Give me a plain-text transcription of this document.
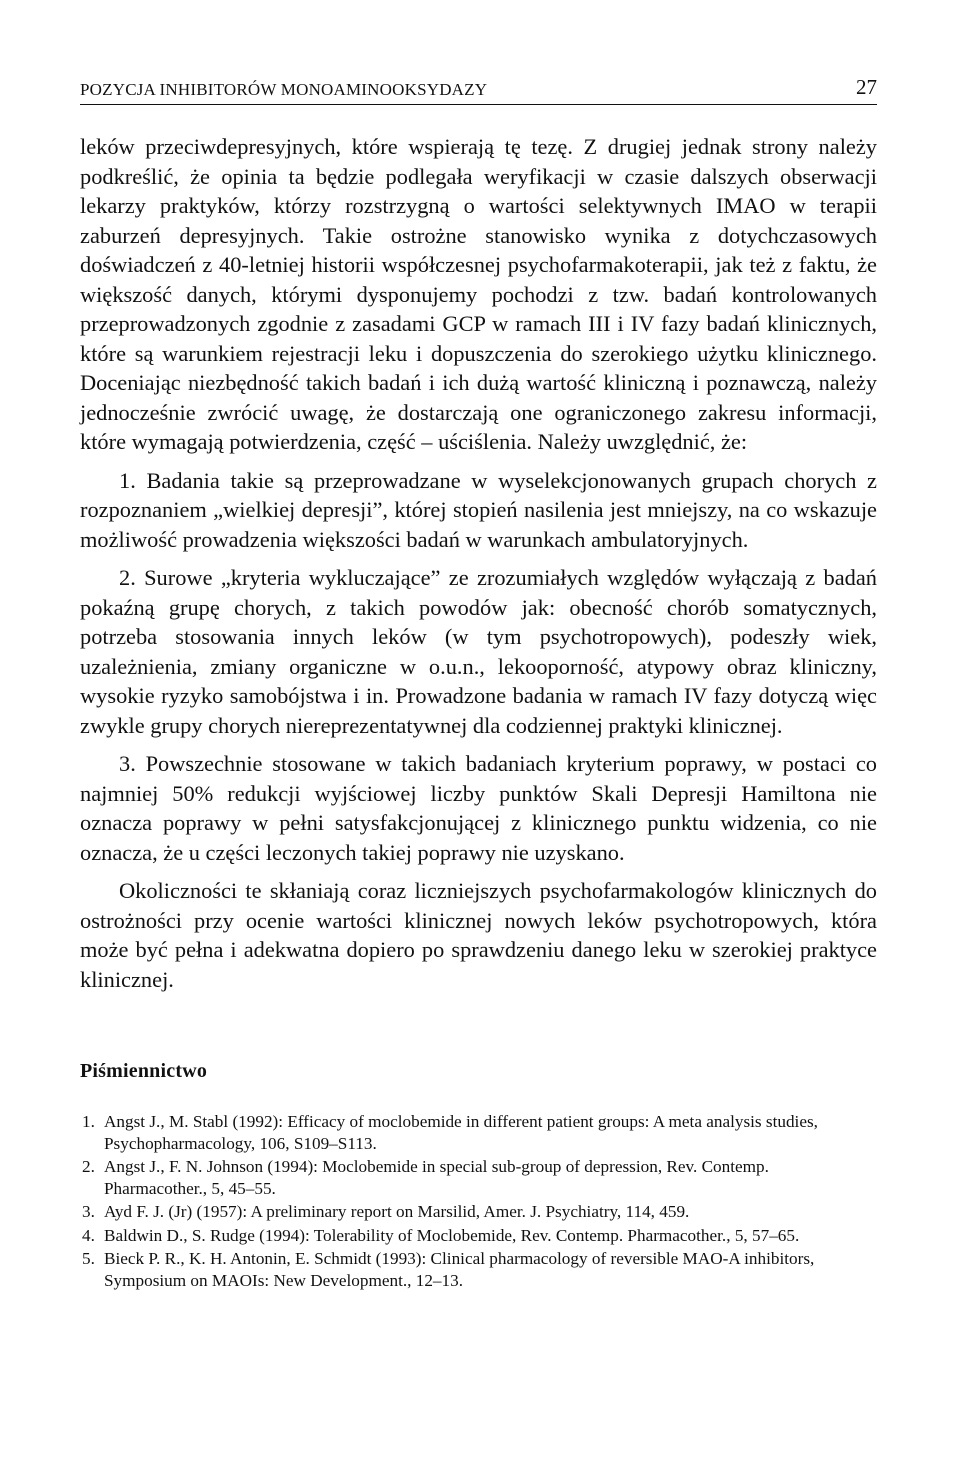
POZYCJA INHIBITORÓW MONOAMINOOKSYDAZY	27

leków przeciwdepresyjnych, które wspierają tę tezę. Z drugiej jednak strony należy podkreślić, że opinia ta będzie podlegała weryfikacji w czasie dalszych obserwacji lekarzy praktyków, którzy rozstrzygną o wartości selektywnych IMAO w terapii zaburzeń depresyjnych. Takie ostrożne stanowisko wynika z dotychczasowych doświadczeń z 40-letniej historii współczesnej psychofarmakoterapii, jak też z faktu, że większość danych, którymi dysponujemy pochodzi z tzw. badań kontrolowanych przeprowadzonych zgodnie z zasadami GCP w ramach III i IV fazy badań klinicznych, które są warunkiem rejestracji leku i dopuszczenia do szerokiego użytku klinicznego. Doceniając niezbędność takich badań i ich dużą wartość kliniczną i poznawczą, należy jednocześnie zwrócić uwagę, że dostarczają one ograniczonego zakresu informacji, które wymagają potwierdzenia, część – uściślenia. Należy uwzględnić, że:

1. Badania takie są przeprowadzane w wyselekcjonowanych grupach chorych z rozpoznaniem „wielkiej depresji”, której stopień nasilenia jest mniejszy, na co wskazuje możliwość prowadzenia większości badań w warunkach ambulatoryjnych.

2. Surowe „kryteria wykluczające” ze zrozumiałych względów wyłączają z badań pokaźną grupę chorych, z takich powodów jak: obecność chorób somatycznych, potrzeba stosowania innych leków (w tym psychotropowych), podeszły wiek, uzależnienia, zmiany organiczne w o.u.n., lekooporność, atypowy obraz kliniczny, wysokie ryzyko samobójstwa i in. Prowadzone badania w ramach IV fazy dotyczą więc zwykle grupy chorych niereprezentatywnej dla codziennej praktyki klinicznej.

3. Powszechnie stosowane w takich badaniach kryterium poprawy, w postaci co najmniej 50% redukcji wyjściowej liczby punktów Skali Depresji Hamiltona nie oznacza poprawy w pełni satysfakcjonującej z klinicznego punktu widzenia, co nie oznacza, że u części leczonych takiej poprawy nie uzyskano.

Okoliczności te skłaniają coraz liczniejszych psychofarmakologów klinicznych do ostrożności przy ocenie wartości klinicznej nowych leków psychotropowych, która może być pełna i adekwatna dopiero po sprawdzeniu danego leku w szerokiej praktyce klinicznej.

Piśmiennictwo
1. Angst J., M. Stabl (1992): Efficacy of moclobemide in different patient groups: A meta analysis studies, Psychopharmacology, 106, S109–S113.
2. Angst J., F. N. Johnson (1994): Moclobemide in special sub-group of depression, Rev. Contemp. Pharmacother., 5, 45–55.
3. Ayd F. J. (Jr) (1957): A preliminary report on Marsilid, Amer. J. Psychiatry, 114, 459.
4. Baldwin D., S. Rudge (1994): Tolerability of Moclobemide, Rev. Contemp. Pharmacother., 5, 57–65.
5. Bieck P. R., K. H. Antonin, E. Schmidt (1993): Clinical pharmacology of reversible MAO-A inhibitors, Symposium on MAOIs: New Development., 12–13.
